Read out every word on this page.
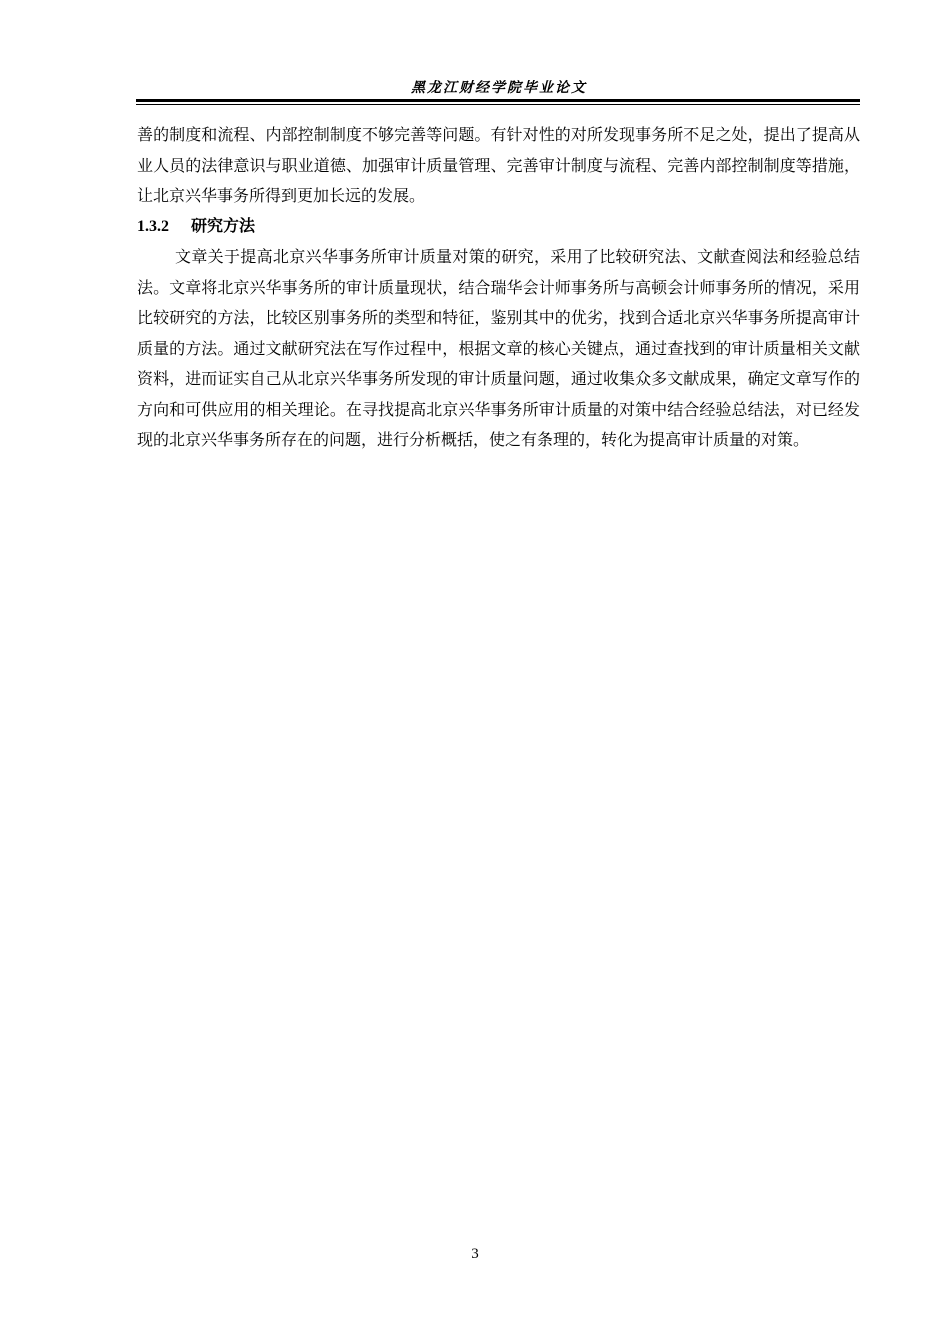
黑龙江财经学院毕业论文

善的制度和流程、内部控制制度不够完善等问题。有针对性的对所发现事务所不足之处，提出了提高从业人员的法律意识与职业道德、加强审计质量管理、完善审计制度与流程、完善内部控制制度等措施，让北京兴华事务所得到更加长远的发展。

1.3.2 研究方法

文章关于提高北京兴华事务所审计质量对策的研究，采用了比较研究法、文献查阅法和经验总结法。文章将北京兴华事务所的审计质量现状，结合瑞华会计师事务所与高顿会计师事务所的情况，采用比较研究的方法，比较区别事务所的类型和特征，鉴别其中的优劣，找到合适北京兴华事务所提高审计质量的方法。通过文献研究法在写作过程中，根据文章的核心关键点，通过查找到的审计质量相关文献资料，进而证实自己从北京兴华事务所发现的审计质量问题，通过收集众多文献成果，确定文章写作的方向和可供应用的相关理论。在寻找提高北京兴华事务所审计质量的对策中结合经验总结法，对已经发现的北京兴华事务所存在的问题，进行分析概括，使之有条理的，转化为提高审计质量的对策。

3
